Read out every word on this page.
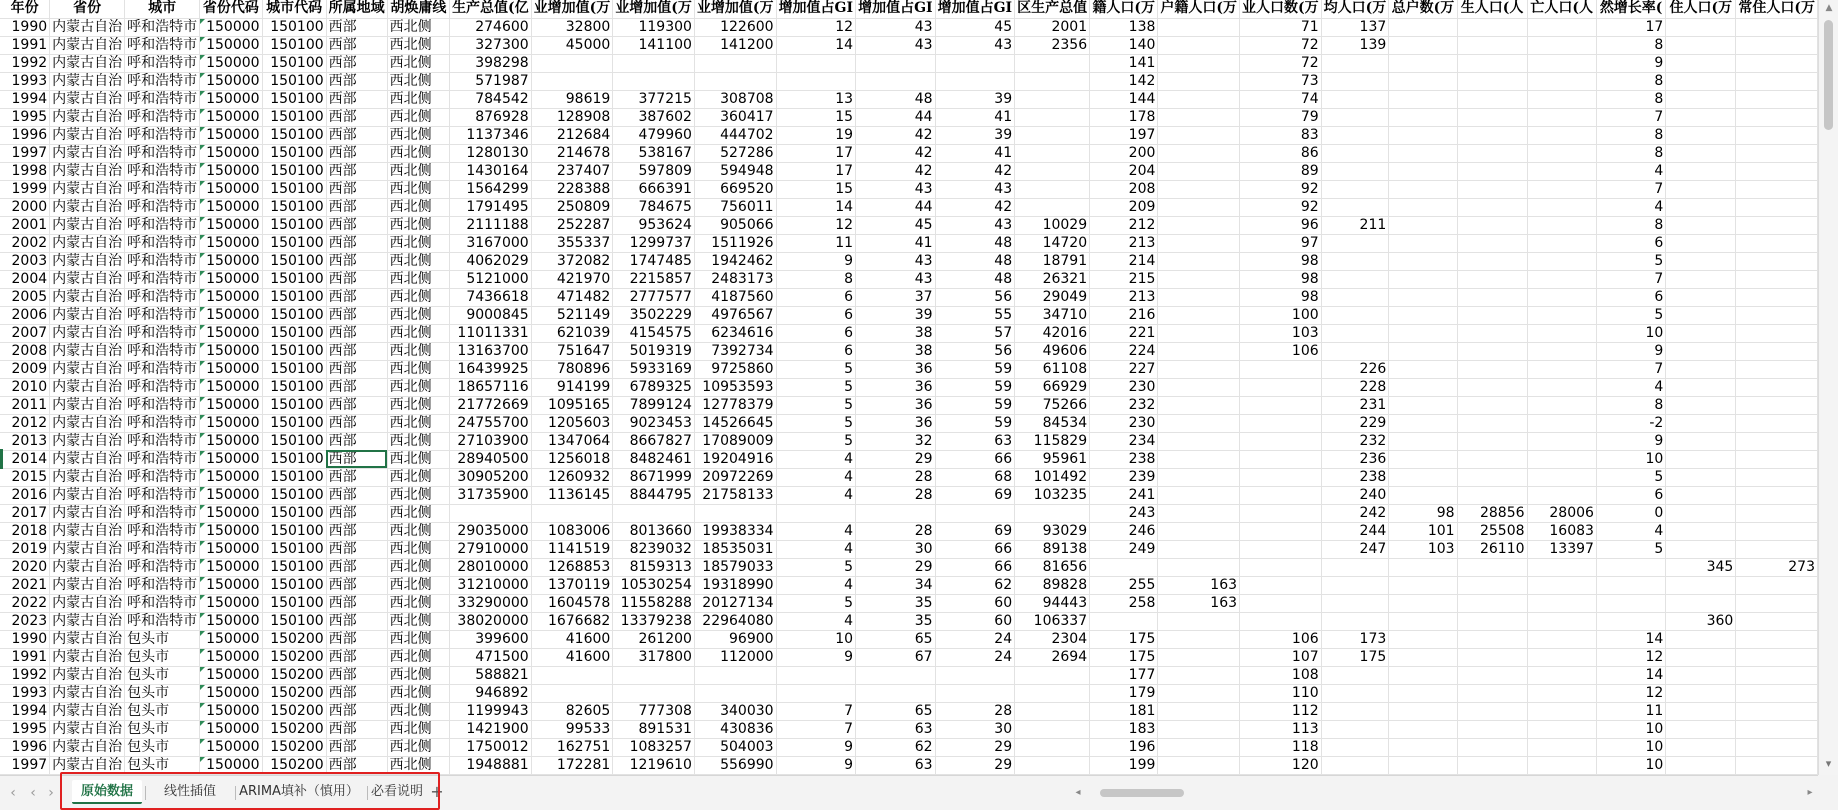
年份	省份	城市	省份代码	城市代码	所属地域	胡焕庸线	生产总值(亿	业增加值(万	业增加值(万	业增加值(万	增加值占GI	增加值占GI	增加值占GI	区生产总值	籍人口(万	户籍人口(万	业人口数(万	均人口(万	总户数(万	生人口(人	亡人口(人	然增长率(	住人口(万	常住人口(万
1990	内蒙古自治	呼和浩特市	150000	150100	西部	西北侧	274600	32800	119300	122600	12	43	45	2001	138		71	137				17		
1991	内蒙古自治	呼和浩特市	150000	150100	西部	西北侧	327300	45000	141100	141200	14	43	43	2356	140		72	139				8		
1992	内蒙古自治	呼和浩特市	150000	150100	西部	西北侧	398298								141		72					9		
1993	内蒙古自治	呼和浩特市	150000	150100	西部	西北侧	571987								142		73					8		
1994	内蒙古自治	呼和浩特市	150000	150100	西部	西北侧	784542	98619	377215	308708	13	48	39		144		74					8		
1995	内蒙古自治	呼和浩特市	150000	150100	西部	西北侧	876928	128908	387602	360417	15	44	41		178		79					7		
1996	内蒙古自治	呼和浩特市	150000	150100	西部	西北侧	1137346	212684	479960	444702	19	42	39		197		83					8		
1997	内蒙古自治	呼和浩特市	150000	150100	西部	西北侧	1280130	214678	538167	527286	17	42	41		200		86					8		
1998	内蒙古自治	呼和浩特市	150000	150100	西部	西北侧	1430164	237407	597809	594948	17	42	42		204		89					4		
1999	内蒙古自治	呼和浩特市	150000	150100	西部	西北侧	1564299	228388	666391	669520	15	43	43		208		92					7		
2000	内蒙古自治	呼和浩特市	150000	150100	西部	西北侧	1791495	250809	784675	756011	14	44	42		209		92					4		
2001	内蒙古自治	呼和浩特市	150000	150100	西部	西北侧	2111188	252287	953624	905066	12	45	43	10029	212		96	211				8		
2002	内蒙古自治	呼和浩特市	150000	150100	西部	西北侧	3167000	355337	1299737	1511926	11	41	48	14720	213		97					6		
2003	内蒙古自治	呼和浩特市	150000	150100	西部	西北侧	4062029	372082	1747485	1942462	9	43	48	18791	214		98					5		
2004	内蒙古自治	呼和浩特市	150000	150100	西部	西北侧	5121000	421970	2215857	2483173	8	43	48	26321	215		98					7		
2005	内蒙古自治	呼和浩特市	150000	150100	西部	西北侧	7436618	471482	2777577	4187560	6	37	56	29049	213		98					6		
2006	内蒙古自治	呼和浩特市	150000	150100	西部	西北侧	9000845	521149	3502229	4976567	6	39	55	34710	216		100					5		
2007	内蒙古自治	呼和浩特市	150000	150100	西部	西北侧	11011331	621039	4154575	6234616	6	38	57	42016	221		103					10		
2008	内蒙古自治	呼和浩特市	150000	150100	西部	西北侧	13163700	751647	5019319	7392734	6	38	56	49606	224		106					9		
2009	内蒙古自治	呼和浩特市	150000	150100	西部	西北侧	16439925	780896	5933169	9725860	5	36	59	61108	227			226				7		
2010	内蒙古自治	呼和浩特市	150000	150100	西部	西北侧	18657116	914199	6789325	10953593	5	36	59	66929	230			228				4		
2011	内蒙古自治	呼和浩特市	150000	150100	西部	西北侧	21772669	1095165	7899124	12778379	5	36	59	75266	232			231				8		
2012	内蒙古自治	呼和浩特市	150000	150100	西部	西北侧	24755700	1205603	9023453	14526645	5	36	59	84534	230			229				-2		
2013	内蒙古自治	呼和浩特市	150000	150100	西部	西北侧	27103900	1347064	8667827	17089009	5	32	63	115829	234			232				9		
2014	内蒙古自治	呼和浩特市	150000	150100	西部	西北侧	28940500	1256018	8482461	19204916	4	29	66	95961	238			236				10		
2015	内蒙古自治	呼和浩特市	150000	150100	西部	西北侧	30905200	1260932	8671999	20972269	4	28	68	101492	239			238				5		
2016	内蒙古自治	呼和浩特市	150000	150100	西部	西北侧	31735900	1136145	8844795	21758133	4	28	69	103235	241			240				6		
2017	内蒙古自治	呼和浩特市	150000	150100	西部	西北侧									243			242	98	28856	28006	0		
2018	内蒙古自治	呼和浩特市	150000	150100	西部	西北侧	29035000	1083006	8013660	19938334	4	28	69	93029	246			244	101	25508	16083	4		
2019	内蒙古自治	呼和浩特市	150000	150100	西部	西北侧	27910000	1141519	8239032	18535031	4	30	66	89138	249			247	103	26110	13397	5		
2020	内蒙古自治	呼和浩特市	150000	150100	西部	西北侧	28010000	1268853	8159313	18579033	5	29	66	81656									345	273
2021	内蒙古自治	呼和浩特市	150000	150100	西部	西北侧	31210000	1370119	10530254	19318990	4	34	62	89828	255	163								
2022	内蒙古自治	呼和浩特市	150000	150100	西部	西北侧	33290000	1604578	11558288	20127134	5	35	60	94443	258	163								
2023	内蒙古自治	呼和浩特市	150000	150100	西部	西北侧	38020000	1676682	13379238	22964080	4	35	60	106337									360	
1990	内蒙古自治	包头市	150000	150200	西部	西北侧	399600	41600	261200	96900	10	65	24	2304	175		106	173				14		
1991	内蒙古自治	包头市	150000	150200	西部	西北侧	471500	41600	317800	112000	9	67	24	2694	175		107	175				12		
1992	内蒙古自治	包头市	150000	150200	西部	西北侧	588821								177		108					14		
1993	内蒙古自治	包头市	150000	150200	西部	西北侧	946892								179		110					12		
1994	内蒙古自治	包头市	150000	150200	西部	西北侧	1199943	82605	777308	340030	7	65	28		181		112					11		
1995	内蒙古自治	包头市	150000	150200	西部	西北侧	1421900	99533	891531	430836	7	63	30		183		113					10		
1996	内蒙古自治	包头市	150000	150200	西部	西北侧	1750012	162751	1083257	504003	9	62	29		196		118					10		
1997	内蒙古自治	包头市	150000	150200	西部	西北侧	1948881	172281	1219610	556990	9	63	29		199		120					10		
▲
▾
‹	‹ ›	原始数据	线性插值	ARIMA填补（慎用） 必看说明 +	◂	▸
